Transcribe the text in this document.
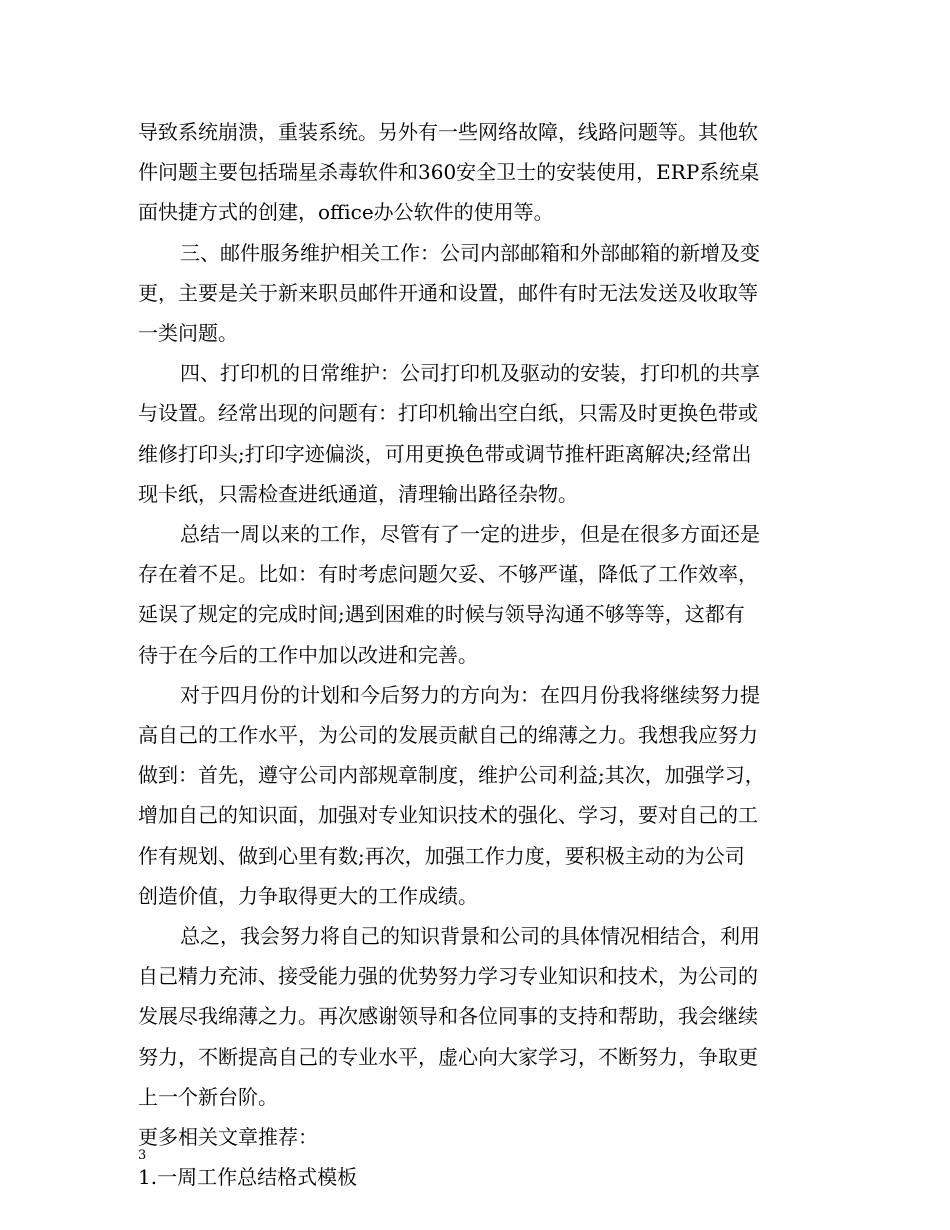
导致系统崩溃，重装系统。另外有一些网络故障，线路问题等。其他软
件问题主要包括瑞星杀毒软件和360安全卫士的安装使用，ERP系统桌
面快捷方式的创建，office办公软件的使用等。

三、邮件服务维护相关工作：公司内部邮箱和外部邮箱的新增及变
更，主要是关于新来职员邮件开通和设置，邮件有时无法发送及收取等
一类问题。

四、打印机的日常维护：公司打印机及驱动的安装，打印机的共享
与设置。经常出现的问题有：打印机输出空白纸，只需及时更换色带或
维修打印头;打印字迹偏淡，可用更换色带或调节推杆距离解决;经常出
现卡纸，只需检查进纸通道，清理输出路径杂物。

总结一周以来的工作，尽管有了一定的进步，但是在很多方面还是
存在着不足。比如：有时考虑问题欠妥、不够严谨，降低了工作效率，
延误了规定的完成时间;遇到困难的时候与领导沟通不够等等，这都有
待于在今后的工作中加以改进和完善。

对于四月份的计划和今后努力的方向为：在四月份我将继续努力提
高自己的工作水平，为公司的发展贡献自己的绵薄之力。我想我应努力
做到：首先，遵守公司内部规章制度，维护公司利益;其次，加强学习，
增加自己的知识面，加强对专业知识技术的强化、学习，要对自己的工
作有规划、做到心里有数;再次，加强工作力度，要积极主动的为公司
创造价值，力争取得更大的工作成绩。

总之，我会努力将自己的知识背景和公司的具体情况相结合，利用
自己精力充沛、接受能力强的优势努力学习专业知识和技术，为公司的
发展尽我绵薄之力。再次感谢领导和各位同事的支持和帮助，我会继续
努力，不断提高自己的专业水平，虚心向大家学习，不断努力，争取更
上一个新台阶。

更多相关文章推荐：

1.一周工作总结格式模板

3
